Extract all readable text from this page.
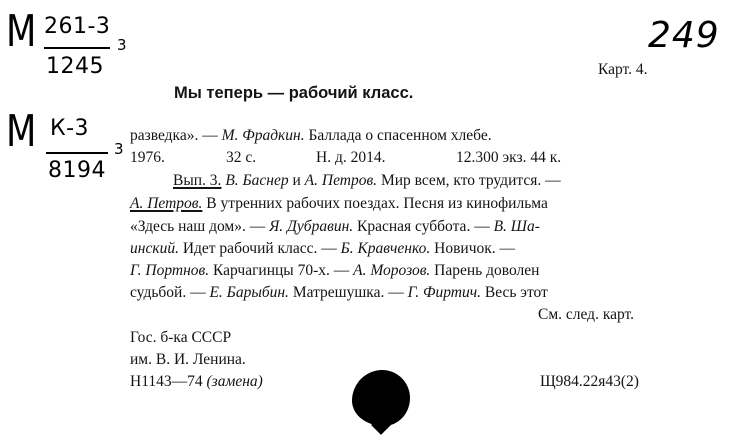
М 261-3
1245
3
М К-3
8194
3
249
Карт. 4.
Мы теперь — рабочий класс.
разведка». — М. Фрадкин. Баллада о спасенном хлебе.
1976.	32 с.	Н. д. 2014.	12.300 экз. 44 к.
Вып. 3. В. Баснер и А. Петров. Мир всем, кто трудится. —
А. Петров. В утренних рабочих поездах. Песня из кинофильма
«Здесь наш дом». — Я. Дубравин. Красная суббота. — В. Ша-
инский. Идет рабочий класс. — Б. Кравченко. Новичок. —
Г. Портнов. Карчагинцы 70-х. — А. Морозов. Парень доволен
судьбой. — Е. Барыбин. Матрешушка. — Г. Фиртич. Весь этот
См. след. карт.
Гос. б-ка СССР
им. В. И. Ленина.
Н1143—74 (замена)	Щ984.22я43(2)
